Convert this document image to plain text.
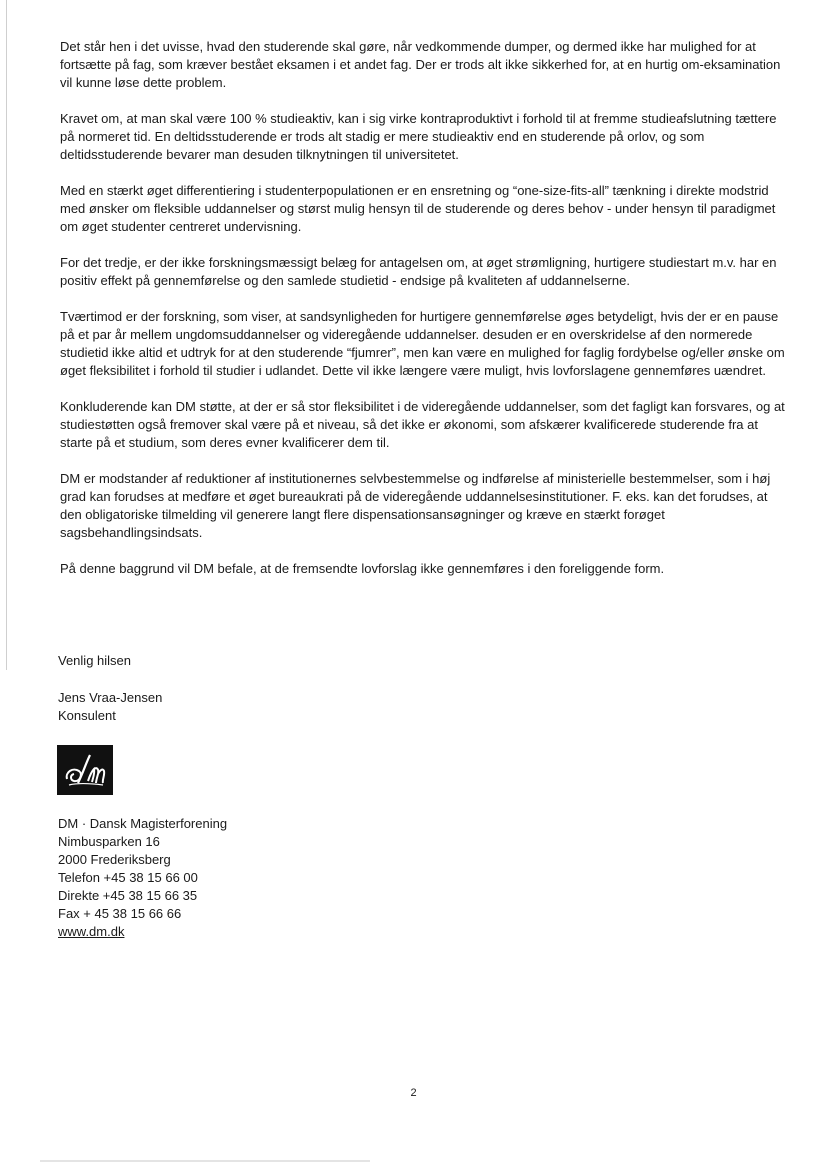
Det står hen i det uvisse, hvad den studerende skal gøre, når vedkommende dumper, og dermed ikke har mulighed for at fortsætte på fag, som kræver bestået eksamen i et andet fag. Der er trods alt ikke sikkerhed for, at en hurtig om-eksamination vil kunne løse dette problem.

Kravet om, at man skal være 100 % studieaktiv, kan i sig virke kontraproduktivt i forhold til at fremme studieafslutning tættere på normeret tid. En deltidsstuderende er trods alt stadig er mere studieaktiv end en studerende på orlov, og som deltidsstuderende bevarer man desuden tilknytningen til universitetet.

Med en stærkt øget differentiering i studenterpopulationen er en ensretning og “one-size-fits-all” tænkning i direkte modstrid med ønsker om fleksible uddannelser og størst mulig hensyn til de studerende og deres behov - under hensyn til paradigmet om øget studenter centreret undervisning.

For det tredje, er der ikke forskningsmæssigt belæg for antagelsen om, at øget strømligning, hurtigere studiestart m.v. har en positiv effekt på gennemførelse og den samlede studietid - endsige på kvaliteten af uddannelserne.

Tværtimod er der forskning, som viser, at sandsynligheden for hurtigere gennemførelse øges betydeligt, hvis der er en pause på et par år mellem ungdomsuddannelser og videregående uddannelser. desuden er en overskridelse af den normerede studietid ikke altid et udtryk for at den studerende “fjumrer”, men kan være en mulighed for faglig fordybelse og/eller ønske om øget fleksibilitet i forhold til studier i udlandet. Dette vil ikke længere være muligt, hvis lovforslagene gennemføres uændret.

Konkluderende kan DM støtte, at der er så stor fleksibilitet i de videregående uddannelser, som det fagligt kan forsvares, og at studiestøtten også fremover skal være på et niveau, så det ikke er økonomi, som afskærer kvalificerede studerende fra at starte på et studium, som deres evner kvalificerer dem til.

DM er modstander af reduktioner af institutionernes selvbestemmelse og indførelse af ministerielle bestemmelser, som i høj grad kan forudses at medføre et øget bureaukrati på de videregående uddannelsesinstitutioner. F. eks. kan det forudses, at den obligatoriske tilmelding vil generere langt flere dispensationsansøgninger og kræve en stærkt forøget sagsbehandlingsindsats.

På denne baggrund vil DM befale, at de fremsendte lovforslag ikke gennemføres i den foreliggende form.

Venlig hilsen
Jens Vraa-Jensen
Konsulent
DM · Dansk Magisterforening
Nimbusparken 16
2000 Frederiksberg
Telefon +45 38 15 66 00
Direkte +45 38 15 66 35
Fax + 45 38 15 66 66
www.dm.dk
2
